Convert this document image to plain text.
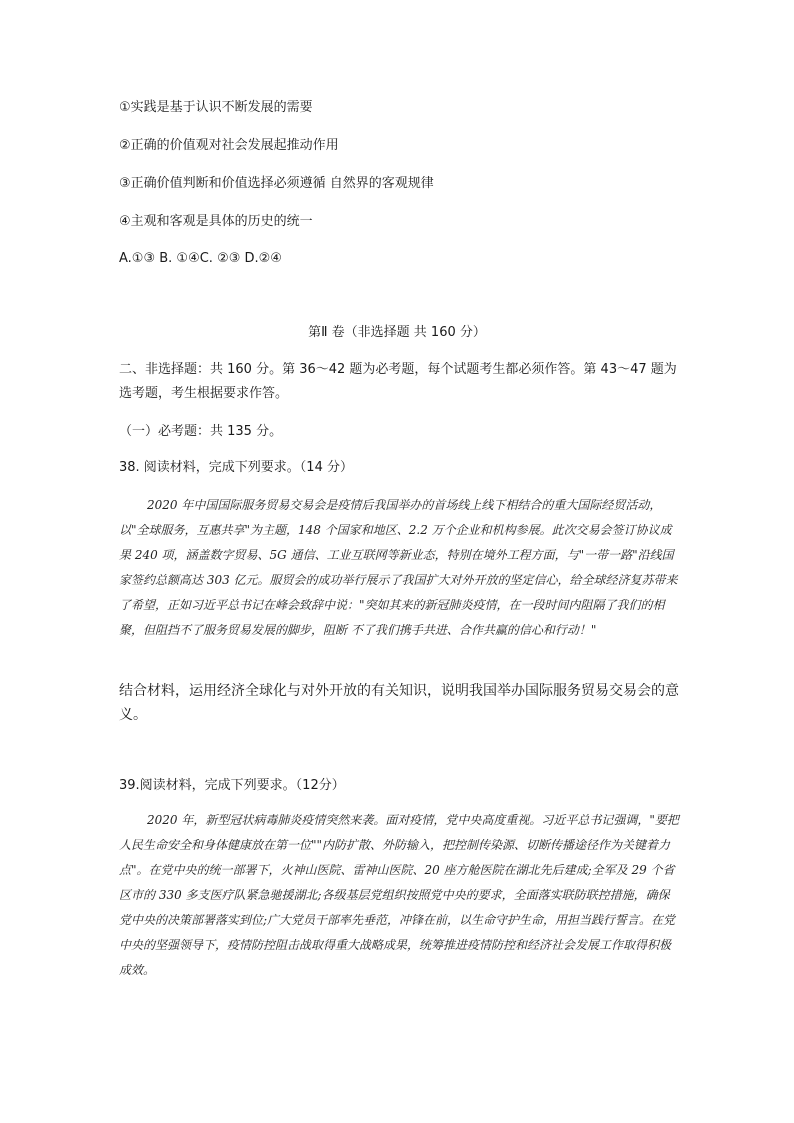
①实践是基于认识不断发展的需要
②正确的价值观对社会发展起推动作用
③正确价值判断和价值选择必须遵循 自然界的客观规律
④主观和客观是具体的历史的统一
A.①③ B. ①④C. ②③ D.②④
第Ⅱ 卷（非选择题 共 160 分）
二、非选择题：共 160 分。第 36～42 题为必考题，每个试题考生都必须作答。第 43～47 题为选考题，考生根据要求作答。
（一）必考题：共 135 分。
38. 阅读材料，完成下列要求。（14 分）
2020 年中国国际服务贸易交易会是疫情后我国举办的首场线上线下相结合的重大国际经贸活动，以"全球服务，互惠共享"为主题，148 个国家和地区、2.2 万个企业和机构参展。此次交易会签订协议成果 240 项，涵盖数字贸易、5G 通信、工业互联网等新业态，特别在境外工程方面，与"一带一路"沿线国家签约总额高达 303 亿元。服贸会的成功举行展示了我国扩大对外开放的坚定信心，给全球经济复苏带来了希望，正如习近平总书记在峰会致辞中说："突如其来的新冠肺炎疫情，在一段时间内阻隔了我们的相聚，但阻挡不了服务贸易发展的脚步，阻断 不了我们携手共进、合作共赢的信心和行动！"
结合材料，运用经济全球化与对外开放的有关知识，说明我国举办国际服务贸易交易会的意义。
39.阅读材料，完成下列要求。（12分）
2020 年，新型冠状病毒肺炎疫情突然来袭。面对疫情，党中央高度重视。习近平总书记强调，"要把人民生命安全和身体健康放在第一位""内防扩散、外防输入，把控制传染源、切断传播途径作为关键着力点"。在党中央的统一部署下，火神山医院、雷神山医院、20 座方舱医院在湖北先后建成;全军及 29 个省区市的 330 多支医疗队紧急驰援湖北;各级基层党组织按照党中央的要求，全面落实联防联控措施，确保党中央的决策部署落实到位;广大党员干部率先垂范，冲锋在前，以生命守护生命，用担当践行誓言。在党中央的坚强领导下，疫情防控阻击战取得重大战略成果，统筹推进疫情防控和经济社会发展工作取得积极成效。
